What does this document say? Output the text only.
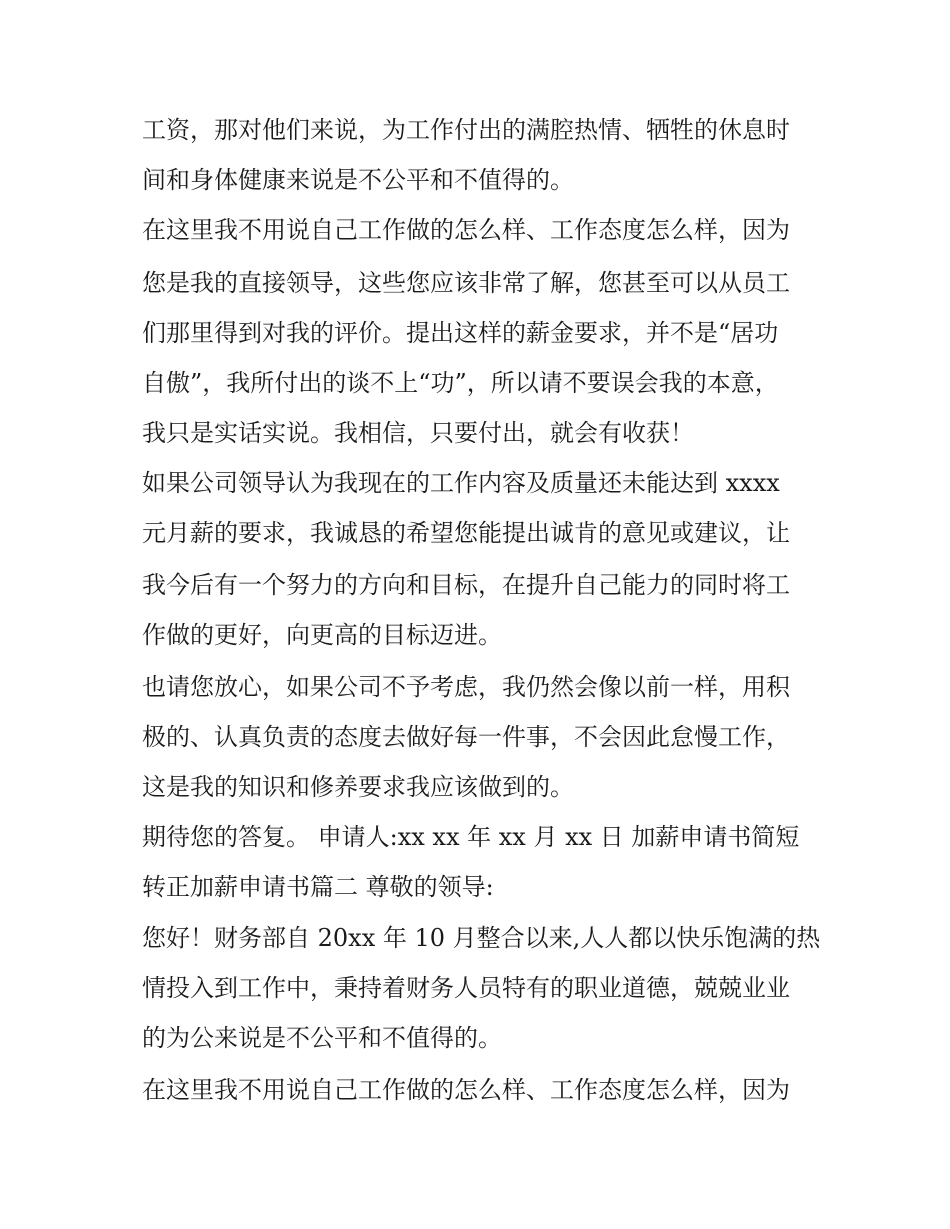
工资，那对他们来说，为工作付出的满腔热情、牺牲的休息时
间和身体健康来说是不公平和不值得的。
在这里我不用说自己工作做的怎么样、工作态度怎么样，因为
您是我的直接领导，这些您应该非常了解，您甚至可以从员工
们那里得到对我的评价。提出这样的薪金要求，并不是“居功
自傲”，我所付出的谈不上“功”，所以请不要误会我的本意，
我只是实话实说。我相信，只要付出，就会有收获！
如果公司领导认为我现在的工作内容及质量还未能达到 xxxx
元月薪的要求，我诚恳的希望您能提出诚肯的意见或建议，让
我今后有一个努力的方向和目标，在提升自己能力的同时将工
作做的更好，向更高的目标迈进。
也请您放心，如果公司不予考虑，我仍然会像以前一样，用积
极的、认真负责的态度去做好每一件事，不会因此怠慢工作，
这是我的知识和修养要求我应该做到的。
期待您的答复。 申请人:xx xx 年 xx 月 xx 日 加薪申请书简短
转正加薪申请书篇二 尊敬的领导:
您好！财务部自 20xx 年 10 月整合以来,人人都以快乐饱满的热
情投入到工作中，秉持着财务人员特有的职业道德，兢兢业业
的为公来说是不公平和不值得的。
在这里我不用说自己工作做的怎么样、工作态度怎么样，因为
